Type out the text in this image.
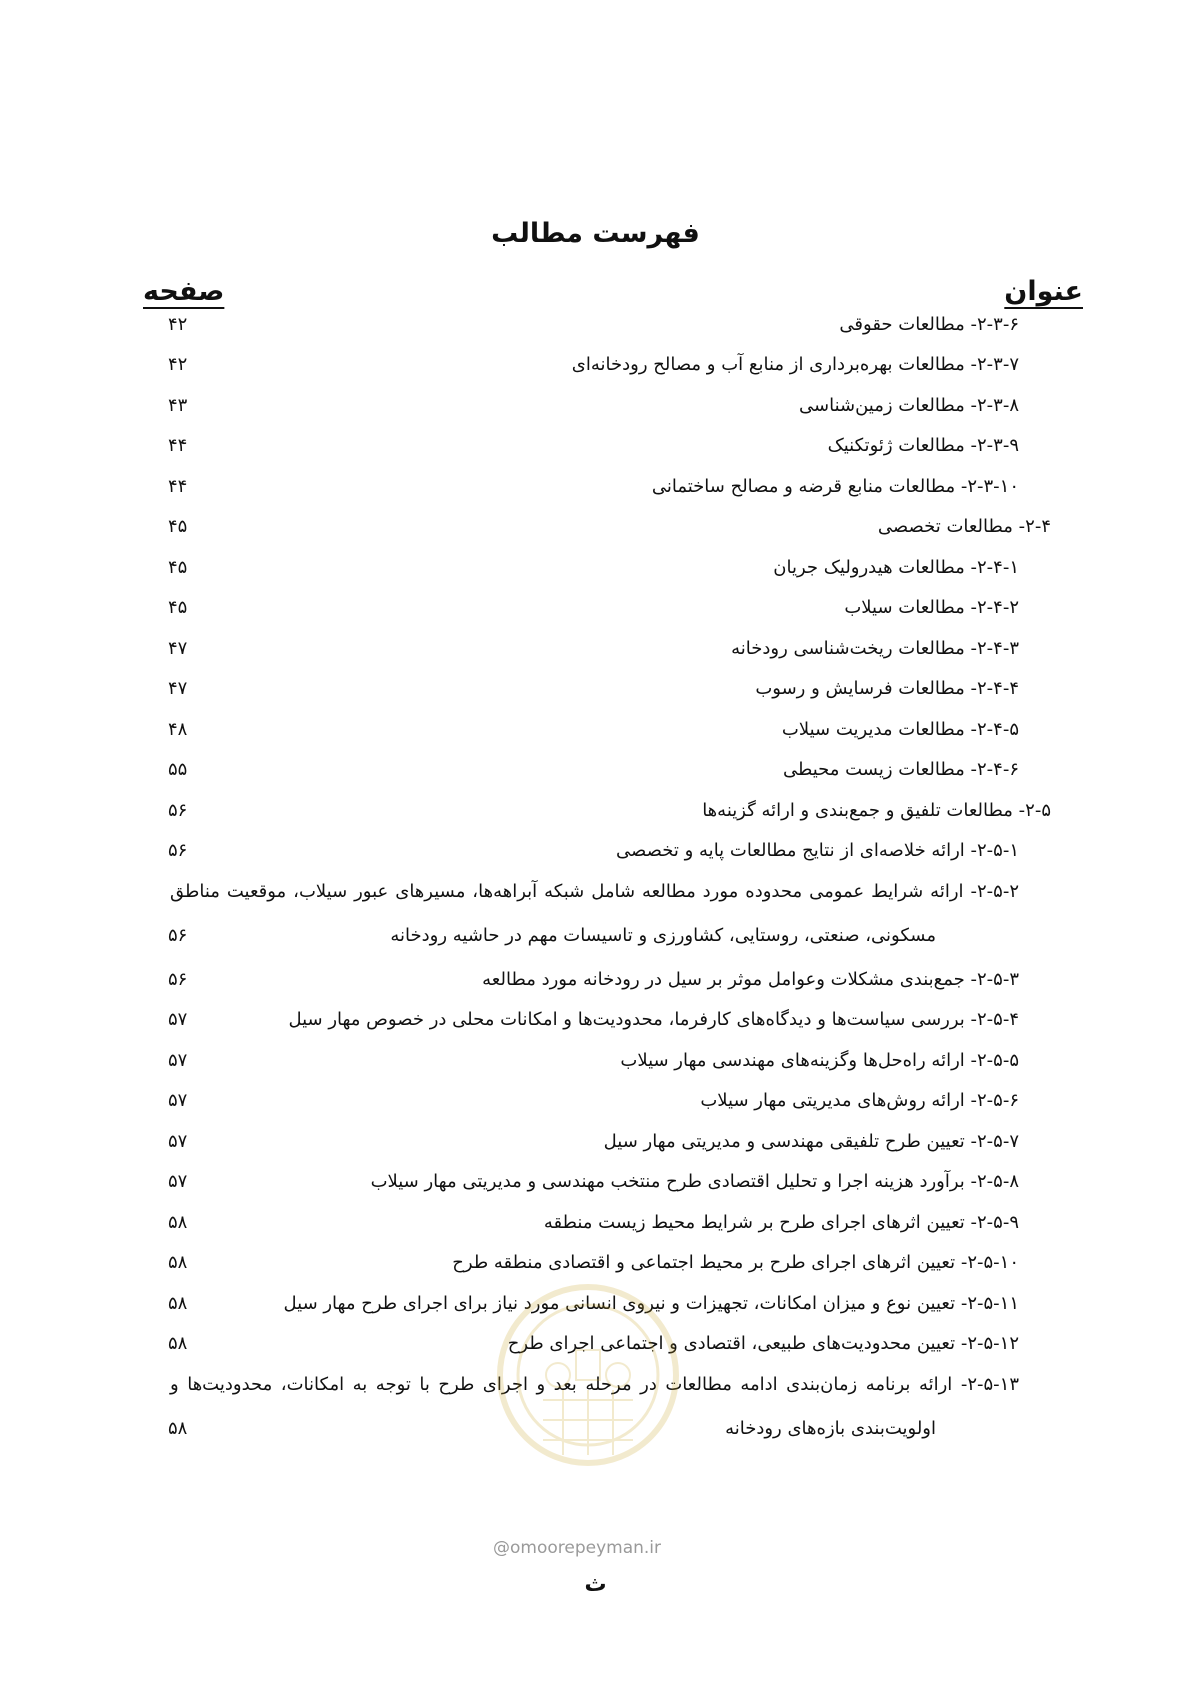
فهرست مطالب
عنوان
صفحه
۲-۳-۶- مطالعات حقوقی
۴۲
۲-۳-۷- مطالعات بهره‌برداری از منابع آب و مصالح رودخانه‌ای
۴۲
۲-۳-۸- مطالعات زمین‌شناسی
۴۳
۲-۳-۹- مطالعات ژئوتکنیک
۴۴
۲-۳-۱۰- مطالعات منابع قرضه و مصالح ساختمانی
۴۴
۲-۴- مطالعات تخصصی
۴۵
۲-۴-۱- مطالعات هیدرولیک جریان
۴۵
۲-۴-۲- مطالعات سیلاب
۴۵
۲-۴-۳- مطالعات ریخت‌شناسی رودخانه
۴۷
۲-۴-۴- مطالعات فرسایش و رسوب
۴۷
۲-۴-۵- مطالعات مدیریت سیلاب
۴۸
۲-۴-۶- مطالعات زیست محیطی
۵۵
۲-۵- مطالعات تلفیق و جمع‌بندی و ارائه گزینه‌ها
۵۶
۲-۵-۱- ارائه خلاصه‌ای از نتایج مطالعات پایه و تخصصی
۵۶
۲-۵-۲- ارائه شرایط عمومی محدوده مورد مطالعه شامل شبکه آبراهه‌ها، مسیرهای عبور سیلاب، موقعیت مناطق
مسکونی، صنعتی، روستایی، کشاورزی و تاسیسات مهم در حاشیه رودخانه
۵۶
۲-۵-۳- جمع‌بندی مشکلات وعوامل موثر بر سیل در رودخانه مورد مطالعه
۵۶
۲-۵-۴- بررسی سیاست‌ها و دیدگاه‌های کارفرما، محدودیت‌ها و امکانات محلی در خصوص مهار سیل
۵۷
۲-۵-۵- ارائه راه‌حل‌ها وگزینه‌های مهندسی مهار سیلاب
۵۷
۲-۵-۶- ارائه روش‌های مدیریتی مهار سیلاب
۵۷
۲-۵-۷- تعیین طرح تلفیقی مهندسی و مدیریتی مهار سیل
۵۷
۲-۵-۸- برآورد هزینه اجرا و تحلیل اقتصادی طرح منتخب مهندسی و مدیریتی مهار سیلاب
۵۷
۲-۵-۹- تعیین اثرهای اجرای طرح بر شرایط محیط زیست منطقه
۵۸
۲-۵-۱۰- تعیین اثرهای اجرای طرح بر محیط اجتماعی و اقتصادی منطقه طرح
۵۸
۲-۵-۱۱- تعیین نوع و میزان امکانات، تجهیزات و نیروی انسانی مورد نیاز برای اجرای طرح مهار سیل
۵۸
۲-۵-۱۲- تعیین محدودیت‌های طبیعی، اقتصادی و اجتماعی اجرای طرح
۵۸
۲-۵-۱۳- ارائه برنامه زمان‌بندی ادامه مطالعات در مرحله بعد و اجرای طرح با توجه به امکانات، محدودیت‌ها و
اولویت‌بندی بازه‌های رودخانه
۵۸
@omoorepeyman.ir
ث
